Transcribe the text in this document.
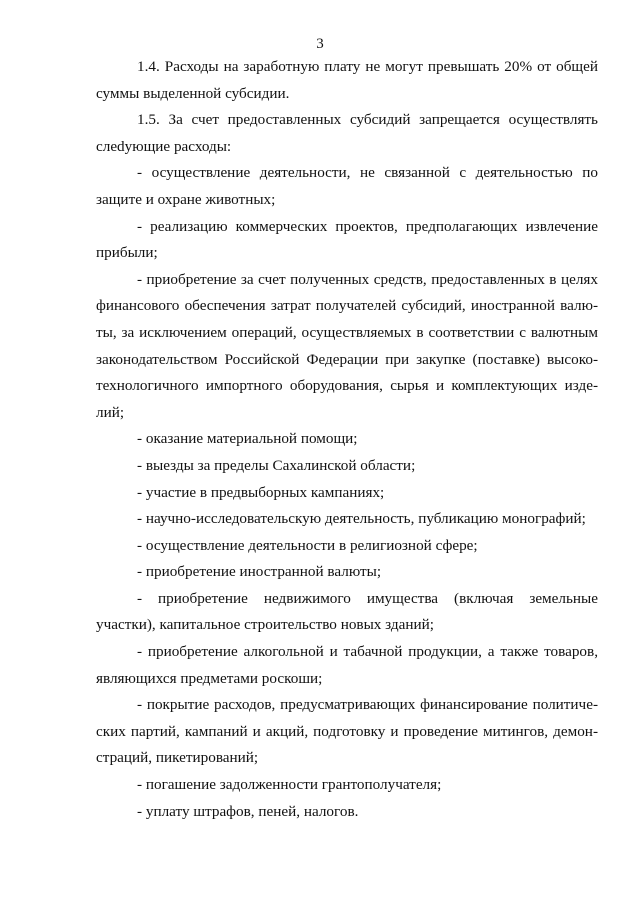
3

1.4. Расходы на заработную плату не могут превышать 20% от общей суммы выделенной субсидии.

1.5. За счет предоставленных субсидий запрещается осуществлять слеdующие расходы:

- осуществление деятельности, не связанной с деятельностью по защите и охране животных;

- реализацию коммерческих проектов, предполагающих извлечение прибыли;

- приобретение за счет полученных средств, предоставленных в целях финансового обеспечения затрат получателей субсидий, иностранной валюты, за исключением операций, осуществляемых в соответствии с валютным законодательством Российской Федерации при закупке (поставке) высокотехнологичного импортного оборудования, сырья и комплектующих изделий;

- оказание материальной помощи;

- выезды за пределы Сахалинской области;

- участие в предвыборных кампаниях;

- научно-исследовательскую деятельность, публикацию монографий;

- осуществление деятельности в религиозной сфере;

- приобретение иностранной валюты;

- приобретение недвижимого имущества (включая земельные участки), капитальное строительство новых зданий;

- приобретение алкогольной и табачной продукции, а также товаров, являющихся предметами роскоши;

- покрытие расходов, предусматривающих финансирование политических партий, кампаний и акций, подготовку и проведение митингов, демонстраций, пикетирований;

- погашение задолженности грантополучателя;

- уплату штрафов, пеней, налогов.
